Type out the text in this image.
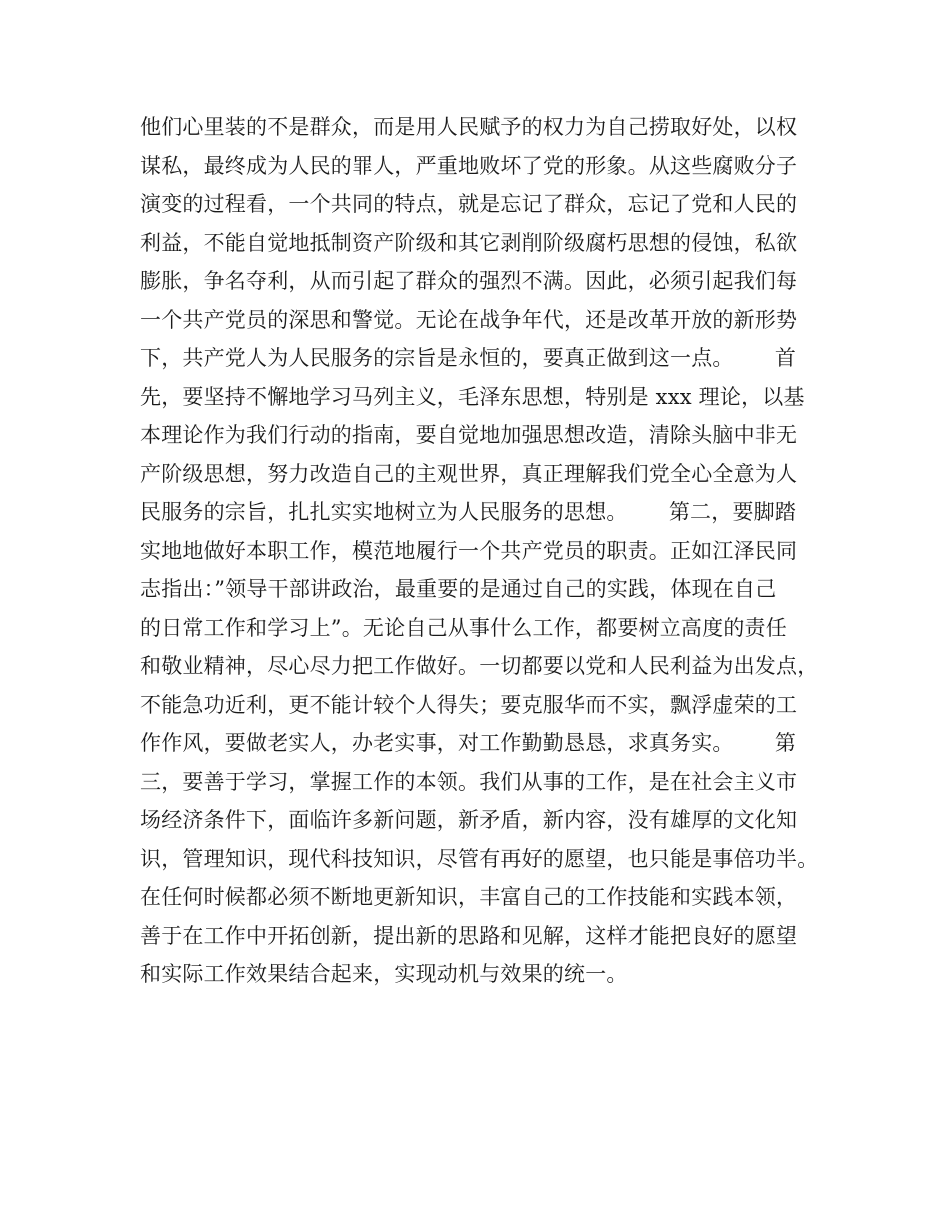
他们心里装的不是群众，而是用人民赋予的权力为自己捞取好处，以权
谋私，最终成为人民的罪人，严重地败坏了党的形象。从这些腐败分子
演变的过程看，一个共同的特点，就是忘记了群众，忘记了党和人民的
利益，不能自觉地抵制资产阶级和其它剥削阶级腐朽思想的侵蚀，私欲
膨胀，争名夺利，从而引起了群众的强烈不满。因此，必须引起我们每
一个共产党员的深思和警觉。无论在战争年代，还是改革开放的新形势
下，共产党人为人民服务的宗旨是永恒的，要真正做到这一点。      首
先，要坚持不懈地学习马列主义，毛泽东思想，特别是 xxx 理论，以基
本理论作为我们行动的指南，要自觉地加强思想改造，清除头脑中非无
产阶级思想，努力改造自己的主观世界，真正理解我们党全心全意为人
民服务的宗旨，扎扎实实地树立为人民服务的思想。      第二，要脚踏
实地地做好本职工作，模范地履行一个共产党员的职责。正如江泽民同
志指出：”领导干部讲政治，最重要的是通过自己的实践，体现在自己
的日常工作和学习上”。无论自己从事什么工作，都要树立高度的责任
和敬业精神，尽心尽力把工作做好。一切都要以党和人民利益为出发点，
不能急功近利，更不能计较个人得失；要克服华而不实，飘浮虚荣的工
作作风，要做老实人，办老实事，对工作勤勤恳恳，求真务实。      第
三，要善于学习，掌握工作的本领。我们从事的工作，是在社会主义市
场经济条件下，面临许多新问题，新矛盾，新内容，没有雄厚的文化知
识，管理知识，现代科技知识，尽管有再好的愿望，也只能是事倍功半。
在任何时候都必须不断地更新知识，丰富自己的工作技能和实践本领，
善于在工作中开拓创新，提出新的思路和见解，这样才能把良好的愿望
和实际工作效果结合起来，实现动机与效果的统一。
